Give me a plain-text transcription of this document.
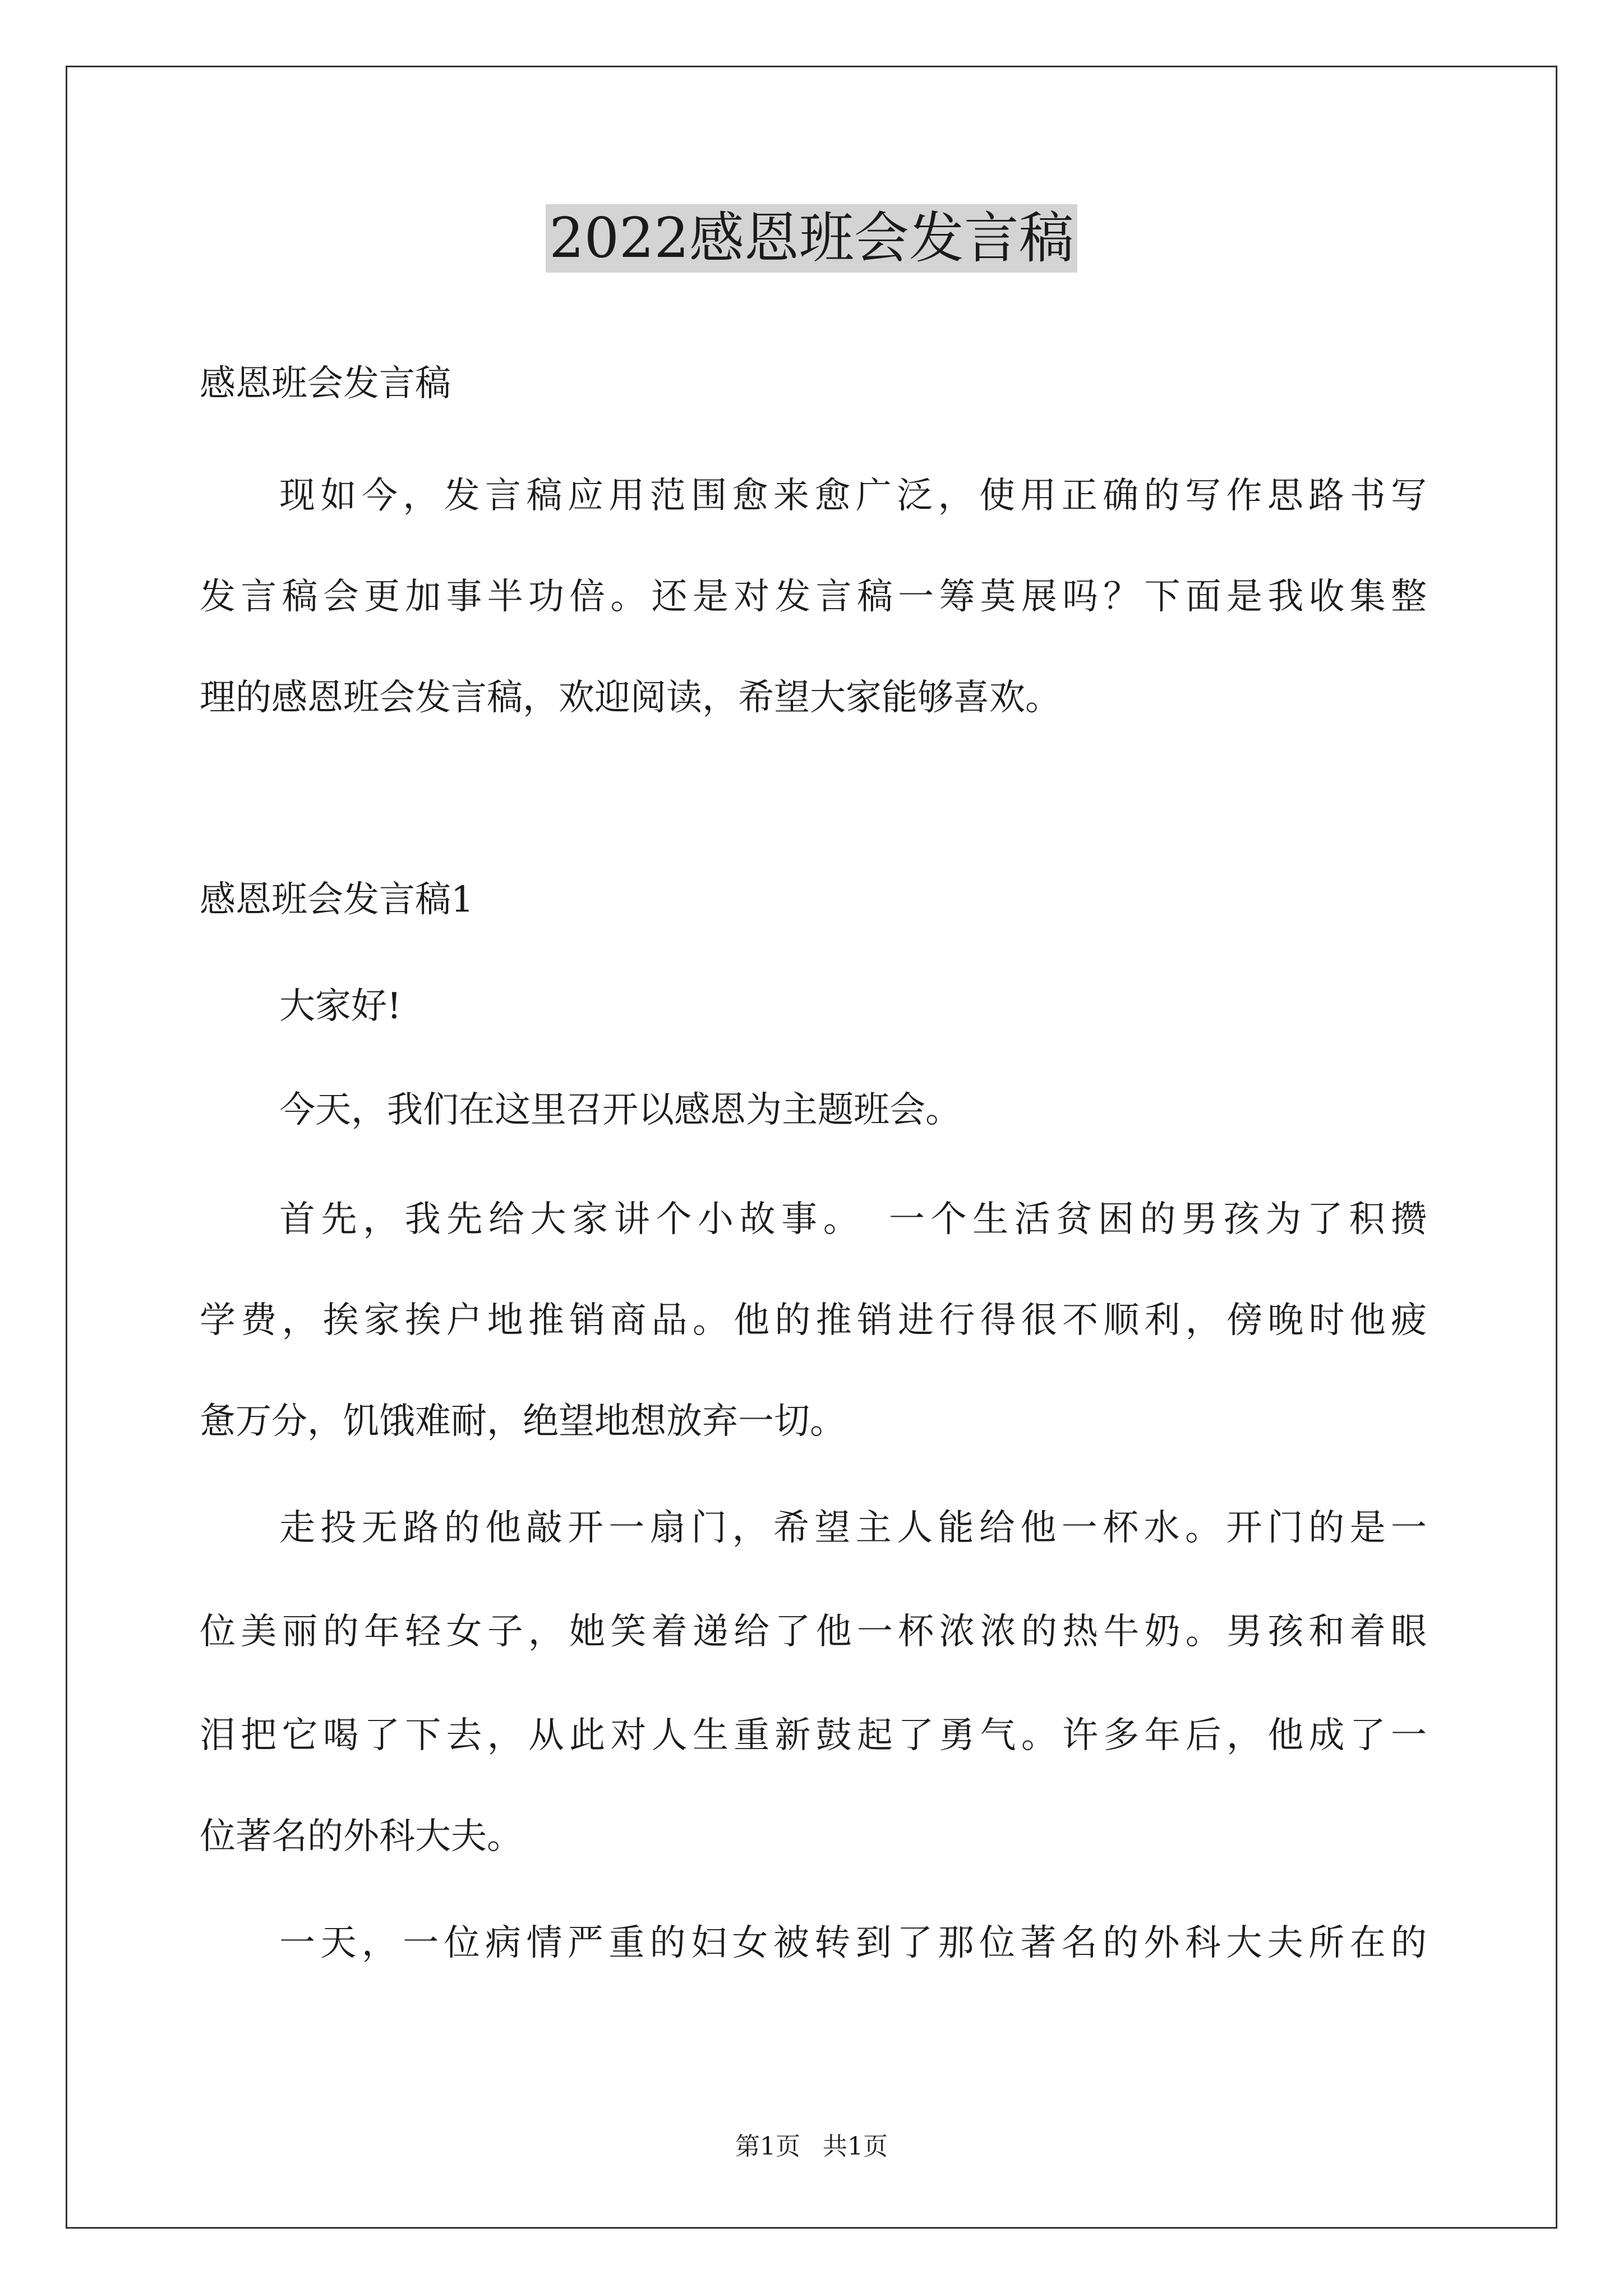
2022感恩班会发言稿
感恩班会发言稿
现如今，发言稿应用范围愈来愈广泛，使用正确的写作思路书写
发言稿会更加事半功倍。还是对发言稿一筹莫展吗？下面是我收集整
理的感恩班会发言稿，欢迎阅读，希望大家能够喜欢。
感恩班会发言稿1
大家好!
今天，我们在这里召开以感恩为主题班会。
首先，我先给大家讲个小故事。　一个生活贫困的男孩为了积攒
学费，挨家挨户地推销商品。他的推销进行得很不顺利，傍晚时他疲
惫万分，饥饿难耐，绝望地想放弃一切。
走投无路的他敲开一扇门，希望主人能给他一杯水。开门的是一
位美丽的年轻女子，她笑着递给了他一杯浓浓的热牛奶。男孩和着眼
泪把它喝了下去，从此对人生重新鼓起了勇气。许多年后，他成了一
位著名的外科大夫。
一天，一位病情严重的妇女被转到了那位著名的外科大夫所在的
第1页 共1页
